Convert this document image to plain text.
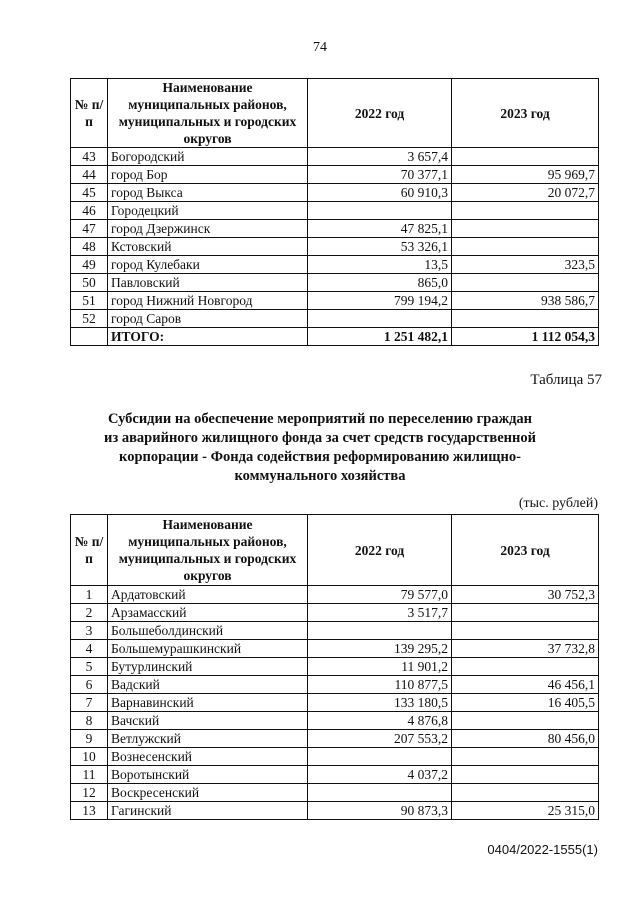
74
№ п/п	Наименование муниципальных районов, муниципальных и городских округов	2022 год	2023 год
43	Богородский	3 657,4	
44	город Бор	70 377,1	95 969,7
45	город Выкса	60 910,3	20 072,7
46	Городецкий		
47	город Дзержинск	47 825,1	
48	Кстовский	53 326,1	
49	город Кулебаки	13,5	323,5
50	Павловский	865,0	
51	город Нижний Новгород	799 194,2	938 586,7
52	город Саров		
	ИТОГО:	1 251 482,1	1 112 054,3
Таблица 57
Субсидии на обеспечение мероприятий по переселению граждан из аварийного жилищного фонда за счет средств государственной корпорации - Фонда содействия реформированию жилищно-коммунального хозяйства
(тыс. рублей)
№ п/п	Наименование муниципальных районов, муниципальных и городских округов	2022 год	2023 год
1	Ардатовский	79 577,0	30 752,3
2	Арзамасский	3 517,7	
3	Большеболдинский		
4	Большемурашкинский	139 295,2	37 732,8
5	Бутурлинский	11 901,2	
6	Вадский	110 877,5	46 456,1
7	Варнавинский	133 180,5	16 405,5
8	Вачский	4 876,8	
9	Ветлужский	207 553,2	80 456,0
10	Вознесенский		
11	Воротынский	4 037,2	
12	Воскресенский		
13	Гагинский	90 873,3	25 315,0
0404/2022-1555(1)
